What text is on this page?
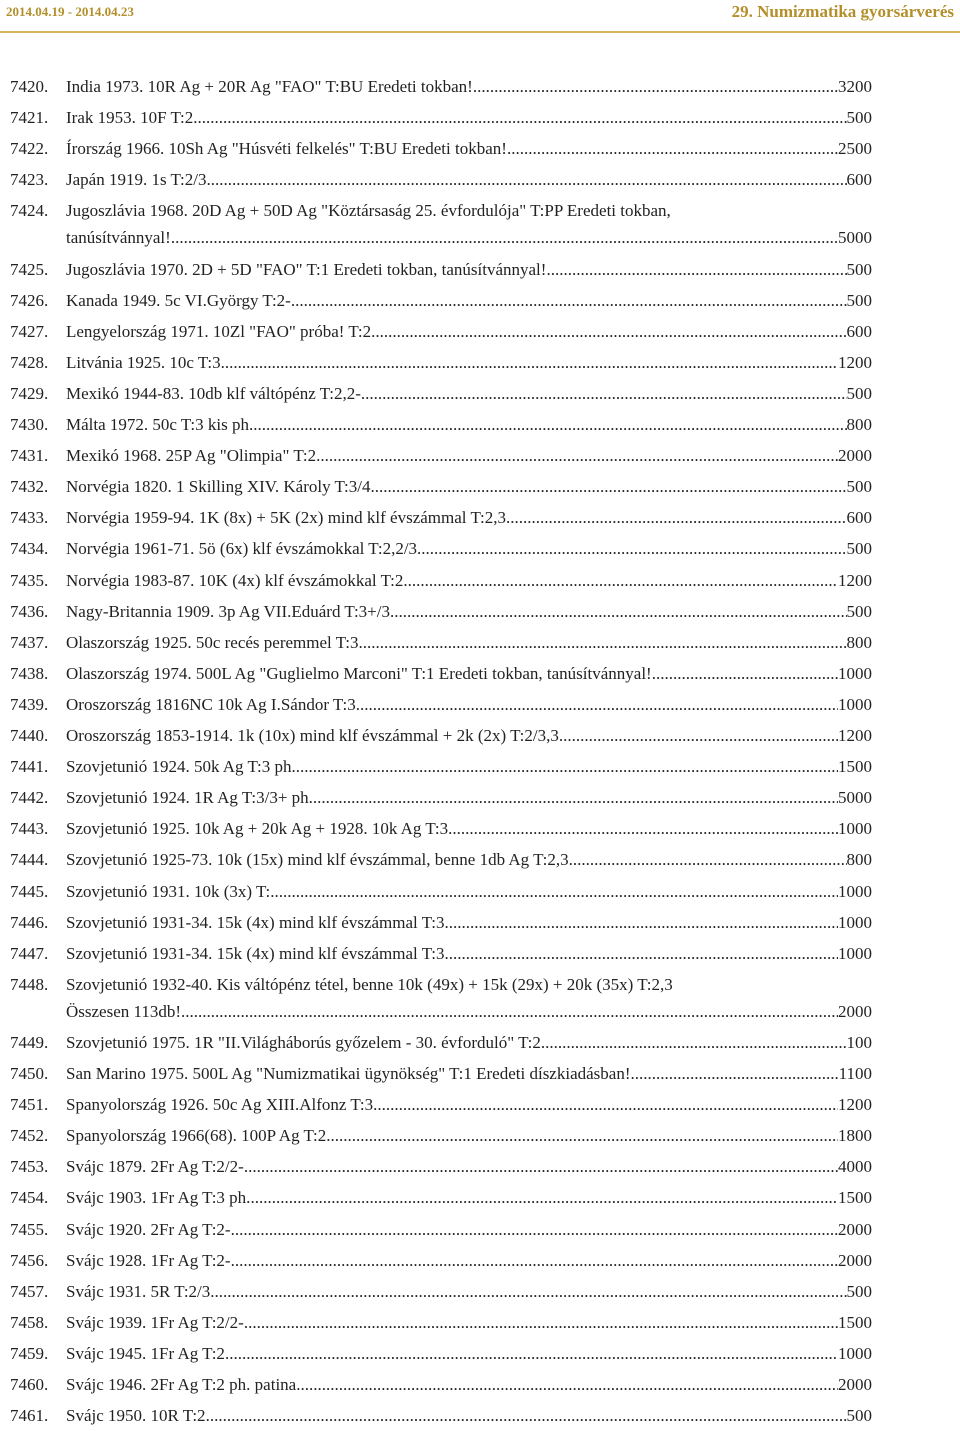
2014.04.19 - 2014.04.23	29. Numizmatika gyorsárverés
7420. India 1973. 10R Ag + 20R Ag "FAO" T:BU Eredeti tokban! .....	3200
7421. Irak 1953. 10F T:2 .....	500
7422. Írország 1966. 10Sh Ag "Húsvéti felkelés" T:BU Eredeti tokban! .....	2500
7423. Japán 1919. 1s T:2/3 .....	600
7424. Jugoszlávia 1968. 20D Ag + 50D Ag "Köztársaság 25. évfordulója" T:PP Eredeti tokban,
tanúsítvánnyal! .....	5000
7425. Jugoszlávia 1970. 2D + 5D "FAO" T:1 Eredeti tokban, tanúsítvánnyal! .....	500
7426. Kanada 1949. 5c VI.György T:2- .....	500
7427. Lengyelország 1971. 10Zl "FAO" próba! T:2 .....	600
7428. Litvánia 1925. 10c T:3 .....	1200
7429. Mexikó 1944-83. 10db klf váltópénz T:2,2- .....	500
7430. Málta 1972. 50c T:3 kis ph. .....	800
7431. Mexikó 1968. 25P Ag "Olimpia" T:2 .....	2000
7432. Norvégia 1820. 1 Skilling XIV. Károly T:3/4 .....	500
7433. Norvégia 1959-94. 1K (8x) + 5K (2x) mind klf évszámmal T:2,3 .....	600
7434. Norvégia 1961-71. 5ö (6x) klf évszámokkal T:2,2/3 .....	500
7435. Norvégia 1983-87. 10K (4x) klf évszámokkal T:2 .....	1200
7436. Nagy-Britannia 1909. 3p Ag VII.Eduárd T:3+/3 .....	500
7437. Olaszország 1925. 50c recés peremmel T:3 .....	800
7438. Olaszország 1974. 500L Ag "Guglielmo Marconi" T:1 Eredeti tokban, tanúsítvánnyal! .....	1000
7439. Oroszország 1816NC 10k Ag I.Sándor T:3 .....	1000
7440. Oroszország 1853-1914. 1k (10x) mind klf évszámmal + 2k (2x) T:2/3,3 .....	1200
7441. Szovjetunió 1924. 50k Ag T:3 ph. .....	1500
7442. Szovjetunió 1924. 1R Ag T:3/3+ ph. .....	5000
7443. Szovjetunió 1925. 10k Ag + 20k Ag + 1928. 10k Ag T:3 .....	1000
7444. Szovjetunió 1925-73. 10k (15x) mind klf évszámmal, benne 1db Ag T:2,3 .....	800
7445. Szovjetunió 1931. 10k (3x) T: .....	1000
7446. Szovjetunió 1931-34. 15k (4x) mind klf évszámmal T:3 .....	1000
7447. Szovjetunió 1931-34. 15k (4x) mind klf évszámmal T:3 .....	1000
7448. Szovjetunió 1932-40. Kis váltópénz tétel, benne 10k (49x) + 15k (29x) + 20k (35x) T:2,3
Összesen 113db! .....	2000
7449. Szovjetunió 1975. 1R "II.Világháborús győzelem - 30. évforduló" T:2 .....	100
7450. San Marino 1975. 500L Ag "Numizmatikai ügynökség" T:1 Eredeti díszkiadásban! .....	1100
7451. Spanyolország 1926. 50c Ag XIII.Alfonz T:3 .....	1200
7452. Spanyolország 1966(68). 100P Ag T:2 .....	1800
7453. Svájc 1879. 2Fr Ag T:2/2- .....	4000
7454. Svájc 1903. 1Fr Ag T:3 ph. .....	1500
7455. Svájc 1920. 2Fr Ag T:2- .....	2000
7456. Svájc 1928. 1Fr Ag T:2- .....	2000
7457. Svájc 1931. 5R T:2/3 .....	500
7458. Svájc 1939. 1Fr Ag T:2/2- .....	1500
7459. Svájc 1945. 1Fr Ag T:2 .....	1000
7460. Svájc 1946. 2Fr Ag T:2 ph. patina .....	2000
7461. Svájc 1950. 10R T:2 .....	500
